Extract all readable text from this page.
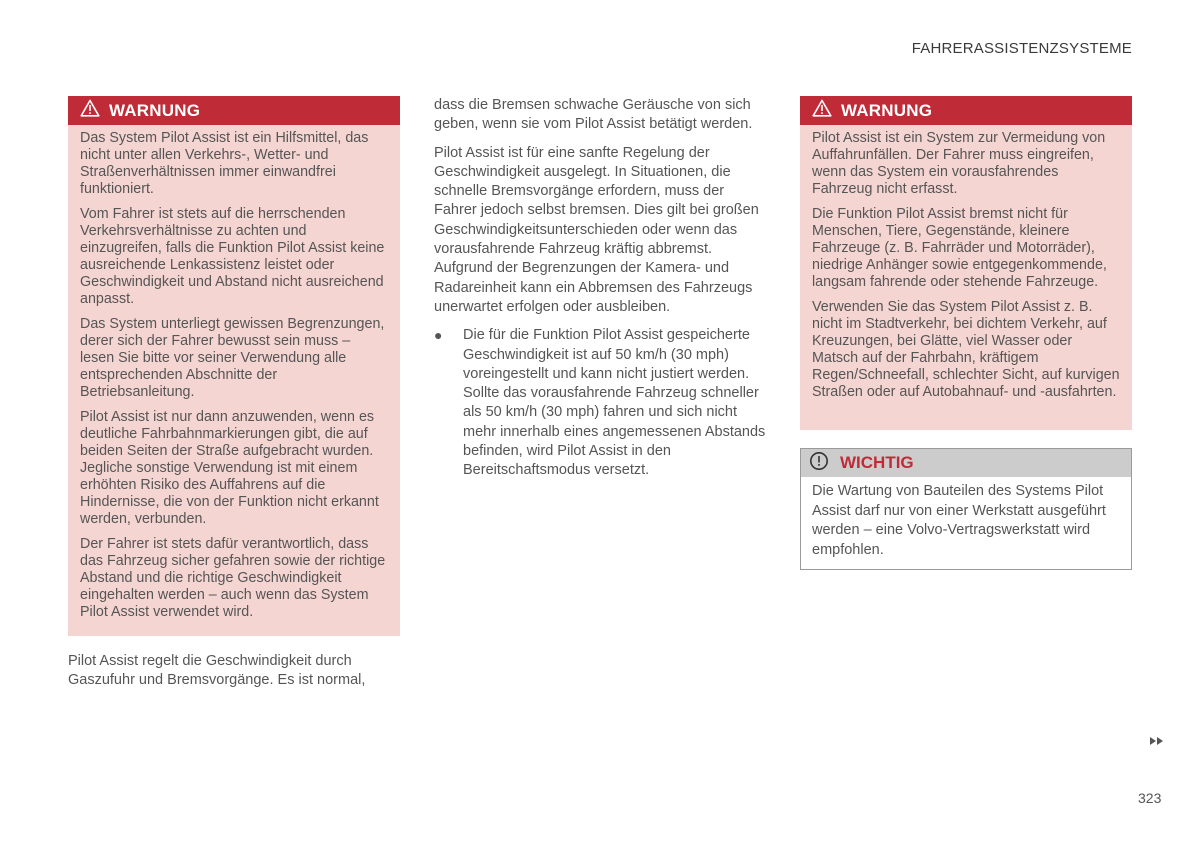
FAHRERASSISTENZSYSTEME
WARNUNG

Das System Pilot Assist ist ein Hilfsmittel, das nicht unter allen Verkehrs-, Wetter- und Straßenverhältnissen immer einwandfrei funktioniert.

Vom Fahrer ist stets auf die herrschenden Verkehrsverhältnisse zu achten und einzugreifen, falls die Funktion Pilot Assist keine ausreichende Lenkassistenz leistet oder Geschwindigkeit und Abstand nicht ausreichend anpasst.

Das System unterliegt gewissen Begrenzungen, derer sich der Fahrer bewusst sein muss – lesen Sie bitte vor seiner Verwendung alle entsprechenden Abschnitte der Betriebsanleitung.

Pilot Assist ist nur dann anzuwenden, wenn es deutliche Fahrbahnmarkierungen gibt, die auf beiden Seiten der Straße aufgebracht wurden. Jegliche sonstige Verwendung ist mit einem erhöhten Risiko des Auffahrens auf die Hindernisse, die von der Funktion nicht erkannt werden, verbunden.

Der Fahrer ist stets dafür verantwortlich, dass das Fahrzeug sicher gefahren sowie der richtige Abstand und die richtige Geschwindigkeit eingehalten werden – auch wenn das System Pilot Assist verwendet wird.

Pilot Assist regelt die Geschwindigkeit durch Gaszufuhr und Bremsvorgänge. Es ist normal,

dass die Bremsen schwache Geräusche von sich geben, wenn sie vom Pilot Assist betätigt werden.

Pilot Assist ist für eine sanfte Regelung der Geschwindigkeit ausgelegt. In Situationen, die schnelle Bremsvorgänge erfordern, muss der Fahrer jedoch selbst bremsen. Dies gilt bei großen Geschwindigkeitsunterschieden oder wenn das vorausfahrende Fahrzeug kräftig abbremst. Aufgrund der Begrenzungen der Kamera- und Radareinheit kann ein Abbremsen des Fahrzeugs unerwartet erfolgen oder ausbleiben.

●	Die für die Funktion Pilot Assist gespeicherte Geschwindigkeit ist auf 50 km/h (30 mph) voreingestellt und kann nicht justiert werden. Sollte das vorausfahrende Fahrzeug schneller als 50 km/h (30 mph) fahren und sich nicht mehr innerhalb eines angemessenen Abstands befinden, wird Pilot Assist in den Bereitschaftsmodus versetzt.

WARNUNG

Pilot Assist ist ein System zur Vermeidung von Auffahrunfällen. Der Fahrer muss eingreifen, wenn das System ein vorausfahrendes Fahrzeug nicht erfasst.

Die Funktion Pilot Assist bremst nicht für Menschen, Tiere, Gegenstände, kleinere Fahrzeuge (z. B. Fahrräder und Motorräder), niedrige Anhänger sowie entgegenkommende, langsam fahrende oder stehende Fahrzeuge.

Verwenden Sie das System Pilot Assist z. B. nicht im Stadtverkehr, bei dichtem Verkehr, auf Kreuzungen, bei Glätte, viel Wasser oder Matsch auf der Fahrbahn, kräftigem Regen/Schneefall, schlechter Sicht, auf kurvigen Straßen oder auf Autobahnauf- und -ausfahrten.

WICHTIG

Die Wartung von Bauteilen des Systems Pilot Assist darf nur von einer Werkstatt ausgeführt werden – eine Volvo-Vertragswerkstatt wird empfohlen.

323
